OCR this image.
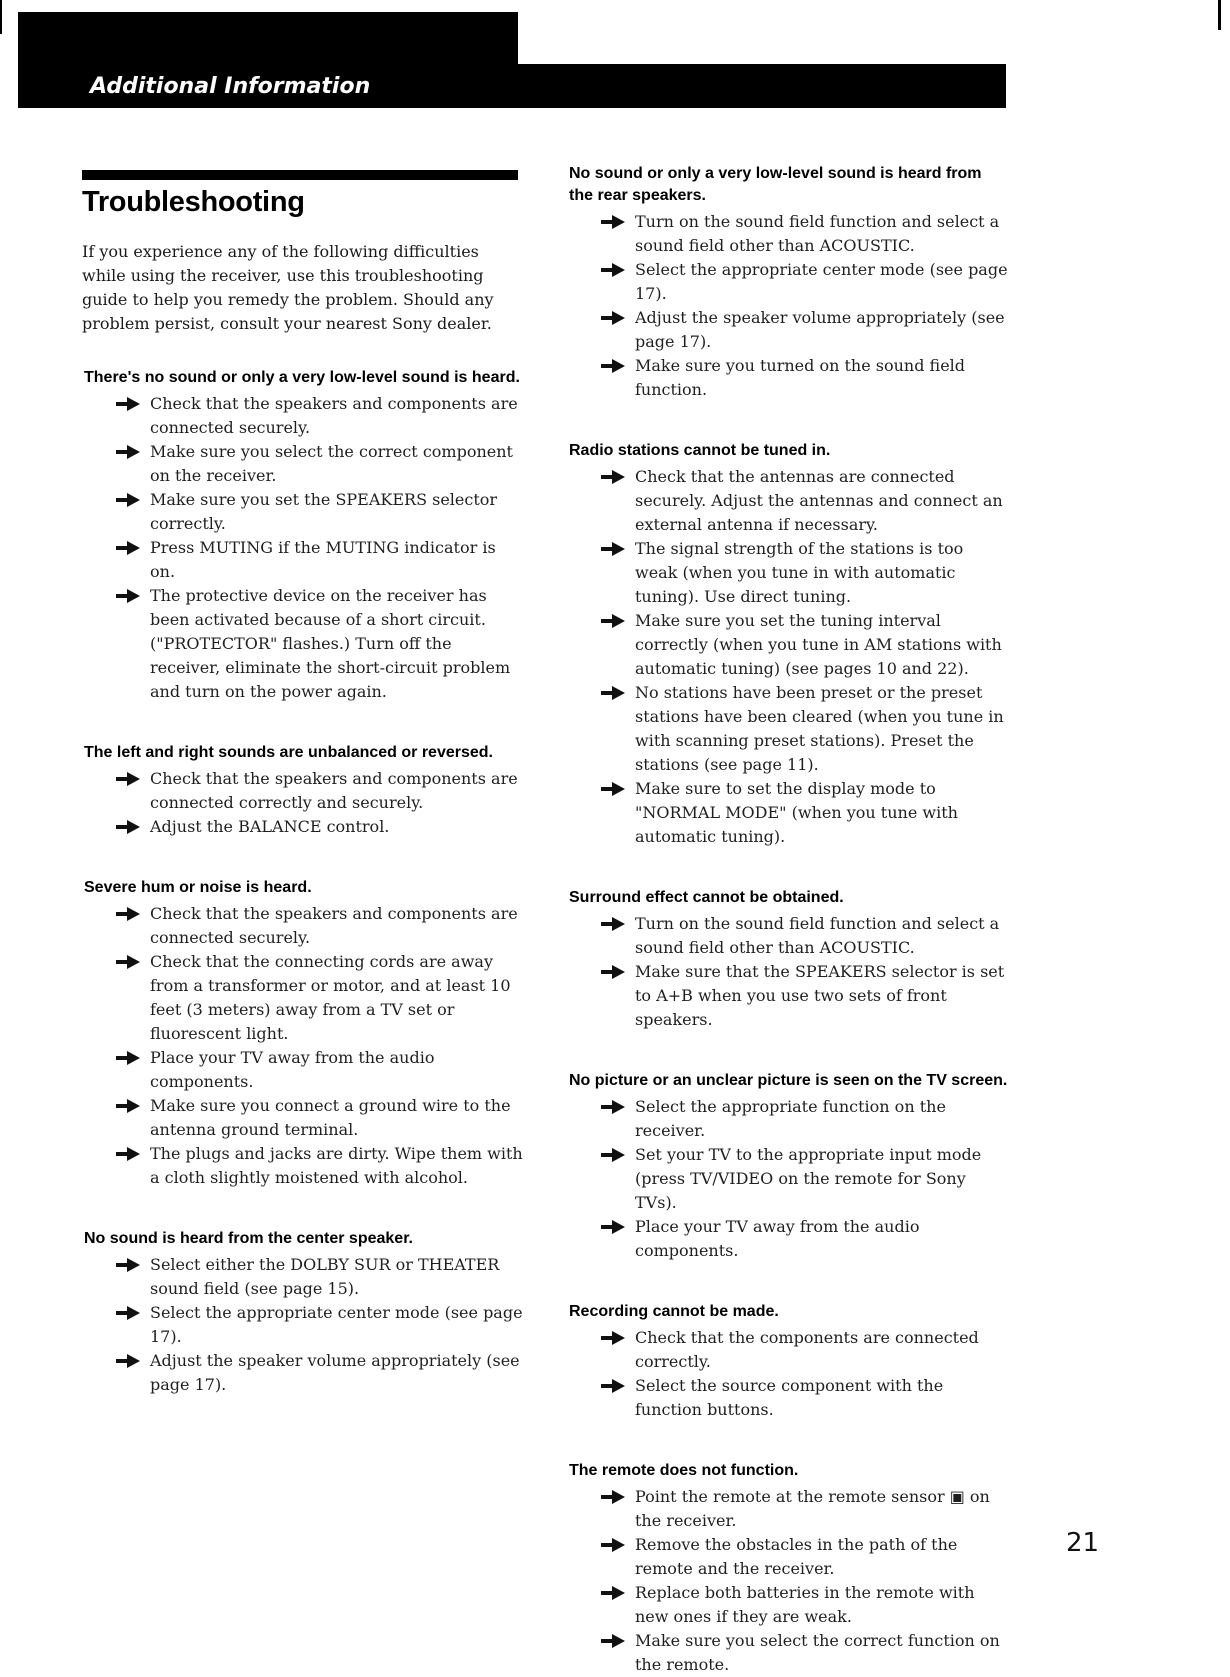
Additional Information
Troubleshooting

If you experience any of the following difficulties while using the receiver, use this troubleshooting guide to help you remedy the problem. Should any problem persist, consult your nearest Sony dealer.

There's no sound or only a very low-level sound is heard.
Check that the speakers and components are connected securely.
Make sure you select the correct component on the receiver.
Make sure you set the SPEAKERS selector correctly.
Press MUTING if the MUTING indicator is on.
The protective device on the receiver has been activated because of a short circuit. ("PROTECTOR" flashes.) Turn off the receiver, eliminate the short-circuit problem and turn on the power again.
The left and right sounds are unbalanced or reversed.
Check that the speakers and components are connected correctly and securely.
Adjust the BALANCE control.
Severe hum or noise is heard.
Check that the speakers and components are connected securely.
Check that the connecting cords are away from a transformer or motor, and at least 10 feet (3 meters) away from a TV set or fluorescent light.
Place your TV away from the audio components.
Make sure you connect a ground wire to the antenna ground terminal.
The plugs and jacks are dirty. Wipe them with a cloth slightly moistened with alcohol.
No sound is heard from the center speaker.
Select either the DOLBY SUR or THEATER sound field (see page 15).
Select the appropriate center mode (see page 17).
Adjust the speaker volume appropriately (see page 17).
No sound or only a very low-level sound is heard from the rear speakers.
Turn on the sound field function and select a sound field other than ACOUSTIC.
Select the appropriate center mode (see page 17).
Adjust the speaker volume appropriately (see page 17).
Make sure you turned on the sound field function.
Radio stations cannot be tuned in.
Check that the antennas are connected securely. Adjust the antennas and connect an external antenna if necessary.
The signal strength of the stations is too weak (when you tune in with automatic tuning). Use direct tuning.
Make sure you set the tuning interval correctly (when you tune in AM stations with automatic tuning) (see pages 10 and 22).
No stations have been preset or the preset stations have been cleared (when you tune in with scanning preset stations). Preset the stations (see page 11).
Make sure to set the display mode to "NORMAL MODE" (when you tune with automatic tuning).
Surround effect cannot be obtained.
Turn on the sound field function and select a sound field other than ACOUSTIC.
Make sure that the SPEAKERS selector is set to A+B when you use two sets of front speakers.
No picture or an unclear picture is seen on the TV screen.
Select the appropriate function on the receiver.
Set your TV to the appropriate input mode (press TV/VIDEO on the remote for Sony TVs).
Place your TV away from the audio components.
Recording cannot be made.
Check that the components are connected correctly.
Select the source component with the function buttons.
The remote does not function.
Point the remote at the remote sensor ▣ on the receiver.
Remove the obstacles in the path of the remote and the receiver.
Replace both batteries in the remote with new ones if they are weak.
Make sure you select the correct function on the remote.
21
